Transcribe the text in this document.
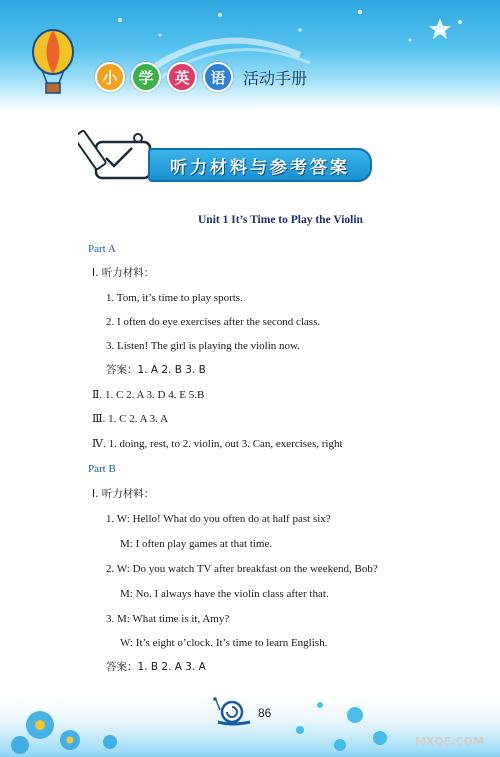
小	学	英	语	活动手册
听力材料与参考答案
Unit 1 It’s Time to Play the Violin
Part A
Ⅰ. 听力材料：
1. Tom, it’s time to play sports.
2. I often do eye exercises after the second class.
3. Listen! The girl is playing the violin now.
答案：1. A 2. B 3. B
Ⅱ. 1. C 2. A 3. D 4. E 5.B
Ⅲ. 1. C 2. A 3. A
Ⅳ. 1. doing, rest, to 2. violin, out 3. Can, exercises, right
Part B
Ⅰ. 听力材料：
1. W: Hello! What do you often do at half past six?
M: I often play games at that time.
2. W: Do you watch TV after breakfast on the weekend, Bob?
M: No. I always have the violin class after that.
3. M: What time is it, Amy?
W: It’s eight o’clock. It’s time to learn English.
答案：1. B 2. A 3. A
86
MXQE.COM
